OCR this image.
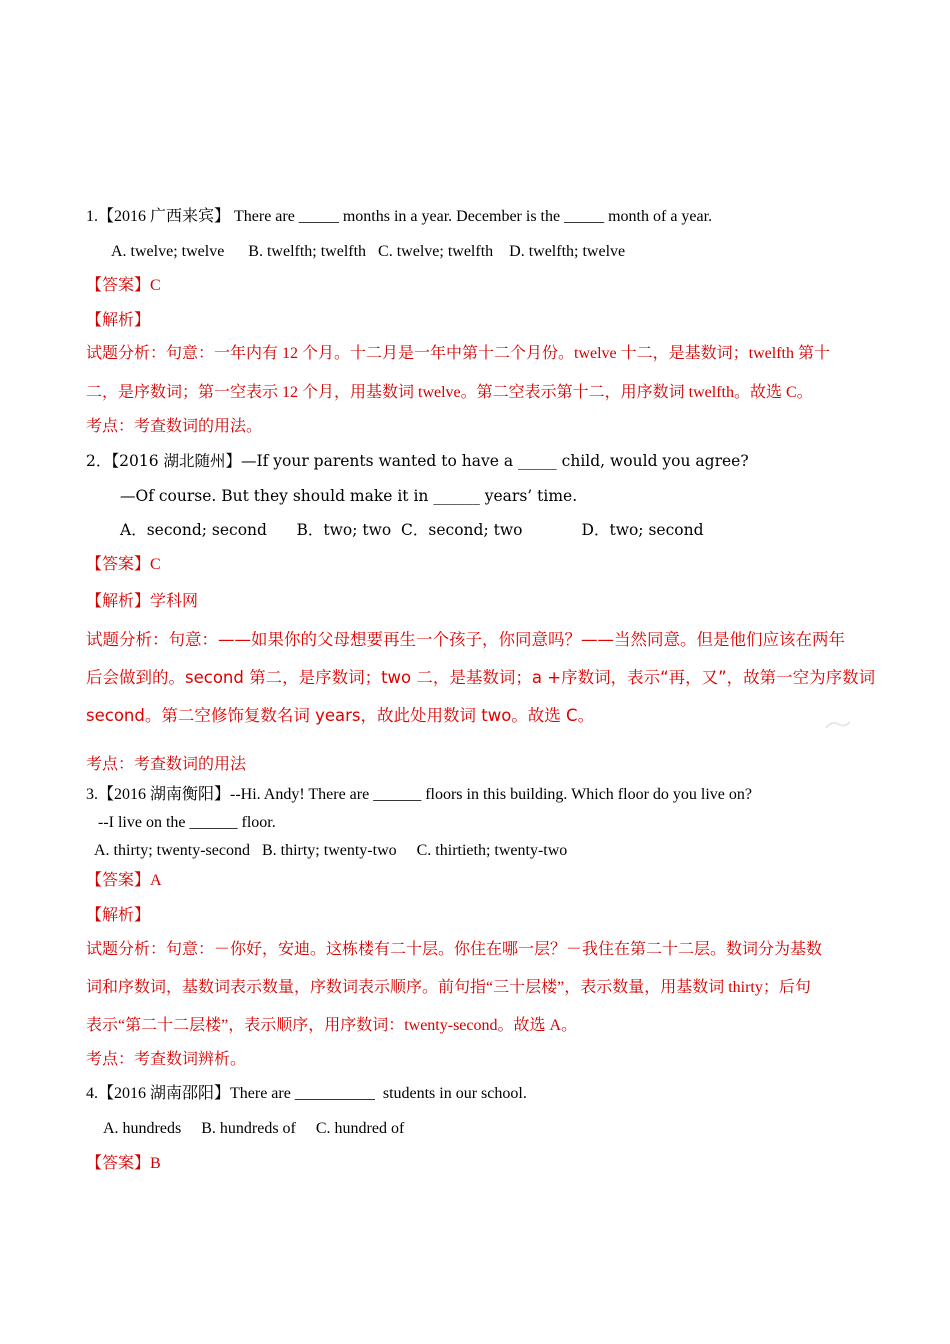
1.【2016 广西来宾】 There are _____ months in a year. December is the _____ month of a year.
A. twelve; twelve      B. twelfth; twelfth   C. twelve; twelfth    D. twelfth; twelve
【答案】C
【解析】
试题分析：句意：一年内有 12 个月。十二月是一年中第十二个月份。twelve 十二，是基数词；twelfth 第十
二，是序数词；第一空表示 12 个月，用基数词 twelve。第二空表示第十二，用序数词 twelfth。故选 C。
考点：考查数词的用法。
2．【2016 湖北随州】—If your parents wanted to have a _____ child, would you agree?
—Of course. But they should make it in ______ years’ time.
A．second; second      B．two; two  C．second; two            D．two; second
【答案】C
【解析】学科网
试题分析：句意：——如果你的父母想要再生一个孩子，你同意吗？——当然同意。但是他们应该在两年
后会做到的。second 第二，是序数词；two 二，是基数词；a +序数词，表示“再，又”，故第一空为序数词
second。第二空修饰复数名词 years，故此处用数词 two。故选 C。
考点：考查数词的用法
3.【2016 湖南衡阳】--Hi. Andy! There are ______ floors in this building. Which floor do you live on?
--I live on the ______ floor.
A. thirty; twenty-second   B. thirty; twenty-two     C. thirtieth; twenty-two
【答案】A
【解析】
试题分析：句意：－你好，安迪。这栋楼有二十层。你住在哪一层？－我住在第二十二层。数词分为基数
词和序数词，基数词表示数量，序数词表示顺序。前句指“三十层楼”，表示数量，用基数词 thirty；后句
表示“第二十二层楼”，表示顺序，用序数词：twenty-second。故选 A。
考点：考查数词辨析。
4.【2016 湖南邵阳】There are __________  students in our school.
A. hundreds     B. hundreds of     C. hundred of
【答案】B
